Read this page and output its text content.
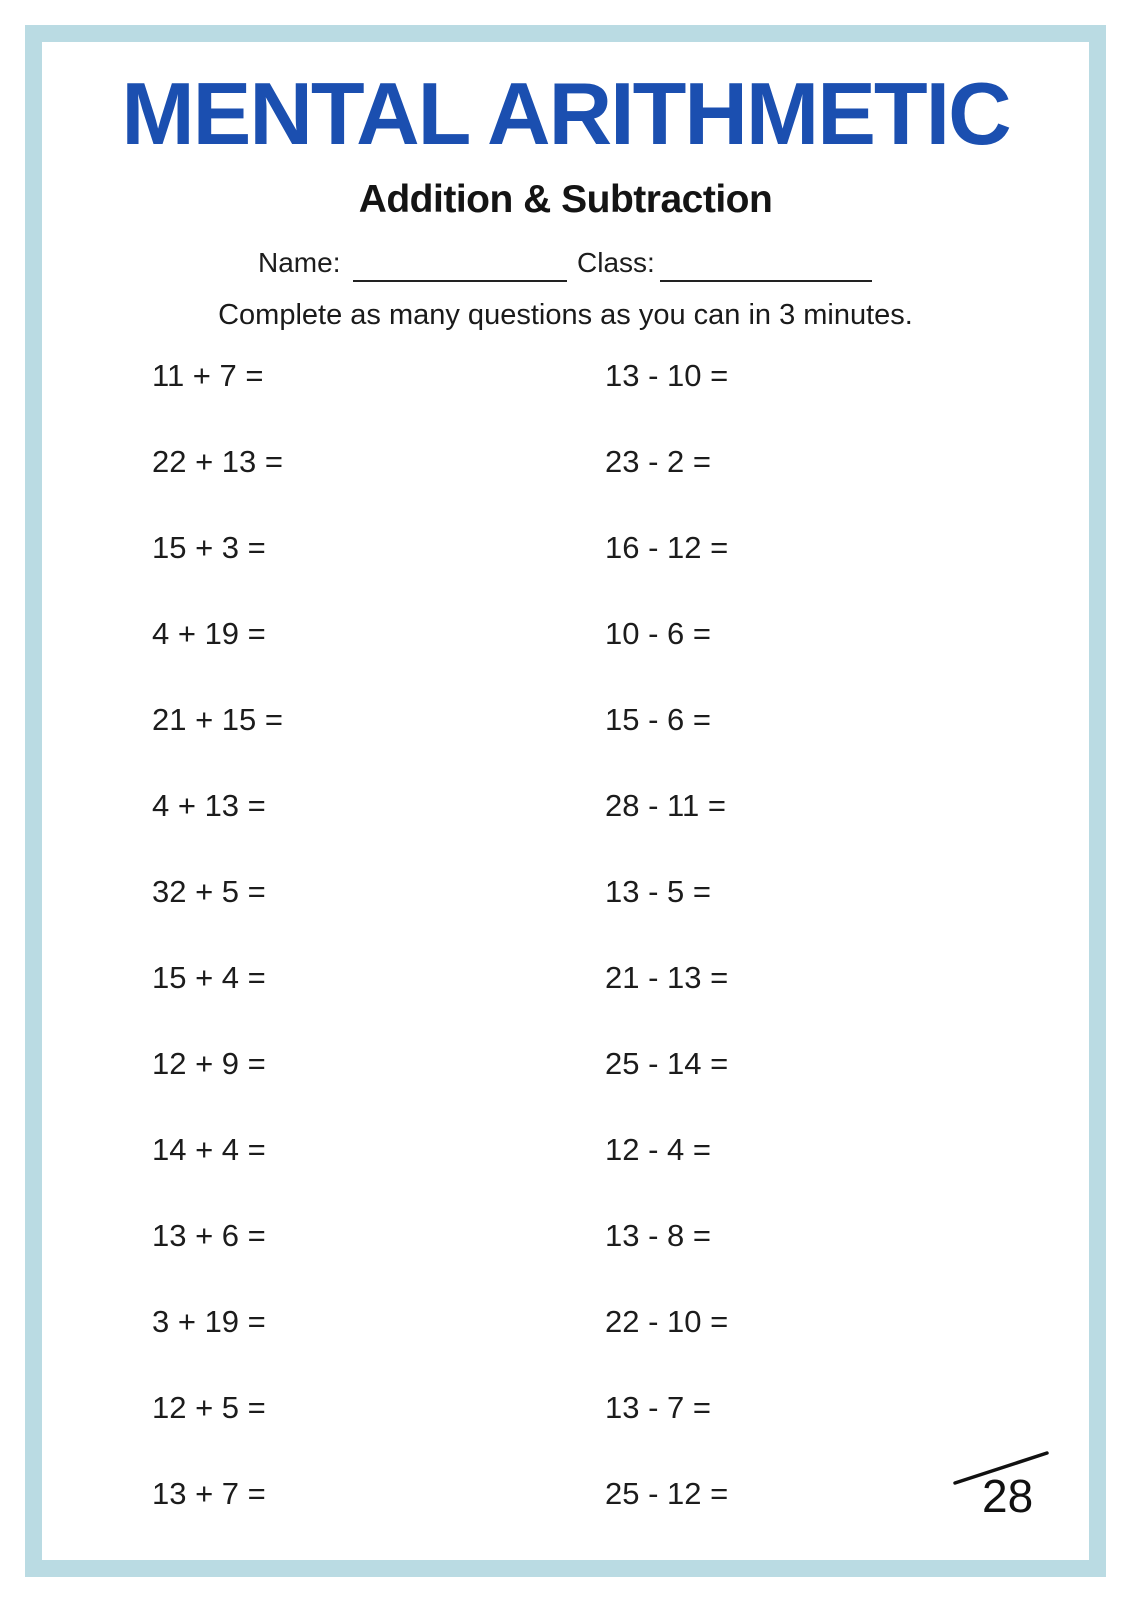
MENTAL ARITHMETIC
Addition & Subtraction
Name:	Class:

Complete as many questions as you can in 3 minutes.

11 + 7 =
22 + 13 =
15 + 3 =
4 + 19 =
21 + 15 =
4 + 13 =
32 + 5 =
15 + 4 =
12 + 9 =
14 + 4 =
13 + 6 =
3 + 19 =
12 + 5 =
13 + 7 =
13 - 10 =
23 - 2 =
16 - 12 =
10 - 6 =
15 - 6 =
28 - 11 =
13 - 5 =
21 - 13 =
25 - 14 =
12 - 4 =
13 - 8 =
22 - 10 =
13 - 7 =
25 - 12 =	28
